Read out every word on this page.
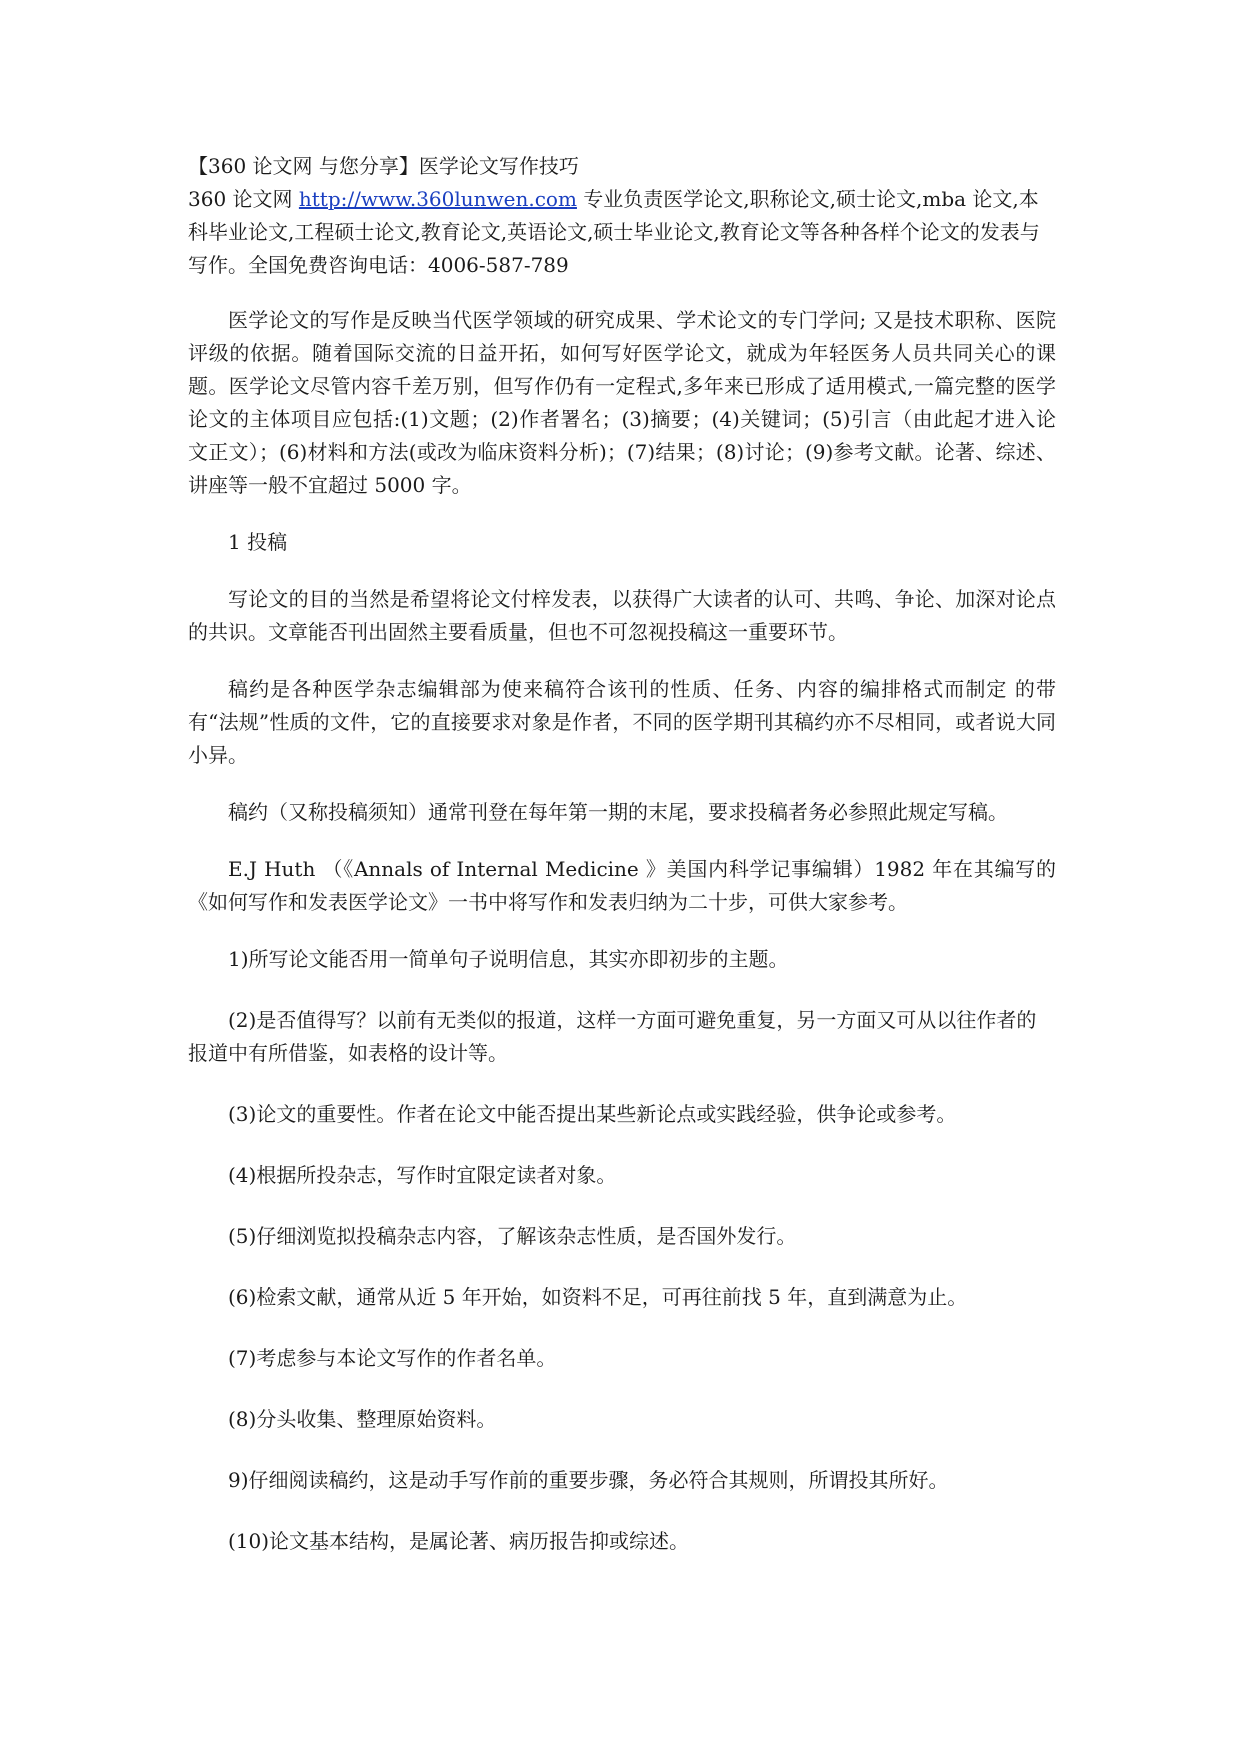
【360 论文网 与您分享】医学论文写作技巧
360 论文网 http://www.360lunwen.com 专业负责医学论文,职称论文,硕士论文,mba 论文,本科毕业论文,工程硕士论文,教育论文,英语论文,硕士毕业论文,教育论文等各种各样个论文的发表与写作。全国免费咨询电话：4006-587-789

医学论文的写作是反映当代医学领域的研究成果、学术论文的专门学问; 又是技术职称、医院评级的依据。随着国际交流的日益开拓，如何写好医学论文，就成为年轻医务人员共同关心的课题。医学论文尽管内容千差万别，但写作仍有一定程式,多年来已形成了适用模式,一篇完整的医学论文的主体项目应包括:(1)文题；(2)作者署名；(3)摘要；(4)关键词；(5)引言（由此起才进入论文正文）；(6)材料和方法(或改为临床资料分析)；(7)结果；(8)讨论；(9)参考文献。论著、综述、讲座等一般不宜超过 5000 字。

1 投稿

写论文的目的当然是希望将论文付梓发表，以获得广大读者的认可、共鸣、争论、加深对论点的共识。文章能否刊出固然主要看质量，但也不可忽视投稿这一重要环节。

稿约是各种医学杂志编辑部为使来稿符合该刊的性质、任务、内容的编排格式而制定 的带有“法规”性质的文件，它的直接要求对象是作者，不同的医学期刊其稿约亦不尽相同，或者说大同小异。

稿约（又称投稿须知）通常刊登在每年第一期的末尾，要求投稿者务必参照此规定写稿。

E.J Huth （《Annals of Internal Medicine 》美国内科学记事编辑）1982 年在其编写的《如何写作和发表医学论文》一书中将写作和发表归纳为二十步，可供大家参考。

1)所写论文能否用一简单句子说明信息，其实亦即初步的主题。

(2)是否值得写？以前有无类似的报道，这样一方面可避免重复，另一方面又可从以往作者的报道中有所借鉴，如表格的设计等。

(3)论文的重要性。作者在论文中能否提出某些新论点或实践经验，供争论或参考。

(4)根据所投杂志，写作时宜限定读者对象。

(5)仔细浏览拟投稿杂志内容，了解该杂志性质，是否国外发行。

(6)检索文献，通常从近 5 年开始，如资料不足，可再往前找 5 年，直到满意为止。

(7)考虑参与本论文写作的作者名单。

(8)分头收集、整理原始资料。

9)仔细阅读稿约，这是动手写作前的重要步骤，务必符合其规则，所谓投其所好。

(10)论文基本结构，是属论著、病历报告抑或综述。
